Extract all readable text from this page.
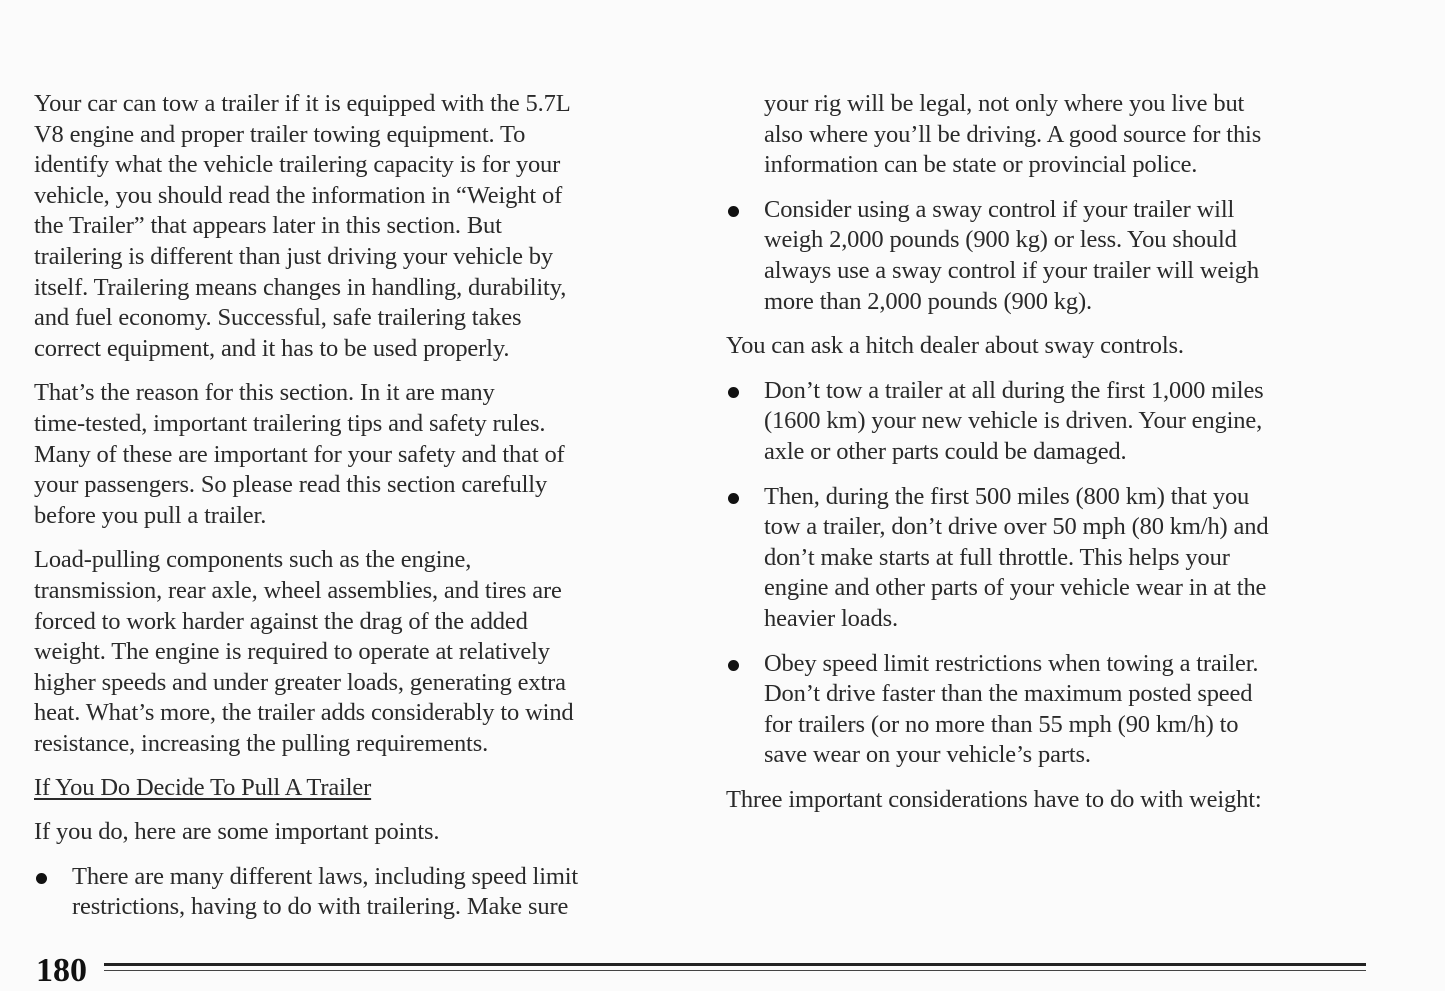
Your car can tow a trailer if it is equipped with the 5.7L
V8 engine and proper trailer towing equipment. To
identify what the vehicle trailering capacity is for your
vehicle, you should read the information in “Weight of
the Trailer” that appears later in this section. But
trailering is different than just driving your vehicle by
itself. Trailering means changes in handling, durability,
and fuel economy. Successful, safe trailering takes
correct equipment, and it has to be used properly.

That’s the reason for this section. In it are many
time-tested, important trailering tips and safety rules.
Many of these are important for your safety and that of
your passengers. So please read this section carefully
before you pull a trailer.

Load-pulling components such as the engine,
transmission, rear axle, wheel assemblies, and tires are
forced to work harder against the drag of the added
weight. The engine is required to operate at relatively
higher speeds and under greater loads, generating extra
heat. What’s more, the trailer adds considerably to wind
resistance, increasing the pulling requirements.

If You Do Decide To Pull A Trailer

If you do, here are some important points.

There are many different laws, including speed limit
restrictions, having to do with trailering. Make sure

your rig will be legal, not only where you live but
also where you’ll be driving. A good source for this
information can be state or provincial police.

Consider using a sway control if your trailer will
weigh 2,000 pounds (900 kg) or less. You should
always use a sway control if your trailer will weigh
more than 2,000 pounds (900 kg).

You can ask a hitch dealer about sway controls.

Don’t tow a trailer at all during the first 1,000 miles
(1600 km) your new vehicle is driven. Your engine,
axle or other parts could be damaged.

Then, during the first 500 miles (800 km) that you
tow a trailer, don’t drive over 50 mph (80 km/h) and
don’t make starts at full throttle. This helps your
engine and other parts of your vehicle wear in at the
heavier loads.

Obey speed limit restrictions when towing a trailer.
Don’t drive faster than the maximum posted speed
for trailers (or no more than 55 mph (90 km/h) to
save wear on your vehicle’s parts.

Three important considerations have to do with weight:

180
